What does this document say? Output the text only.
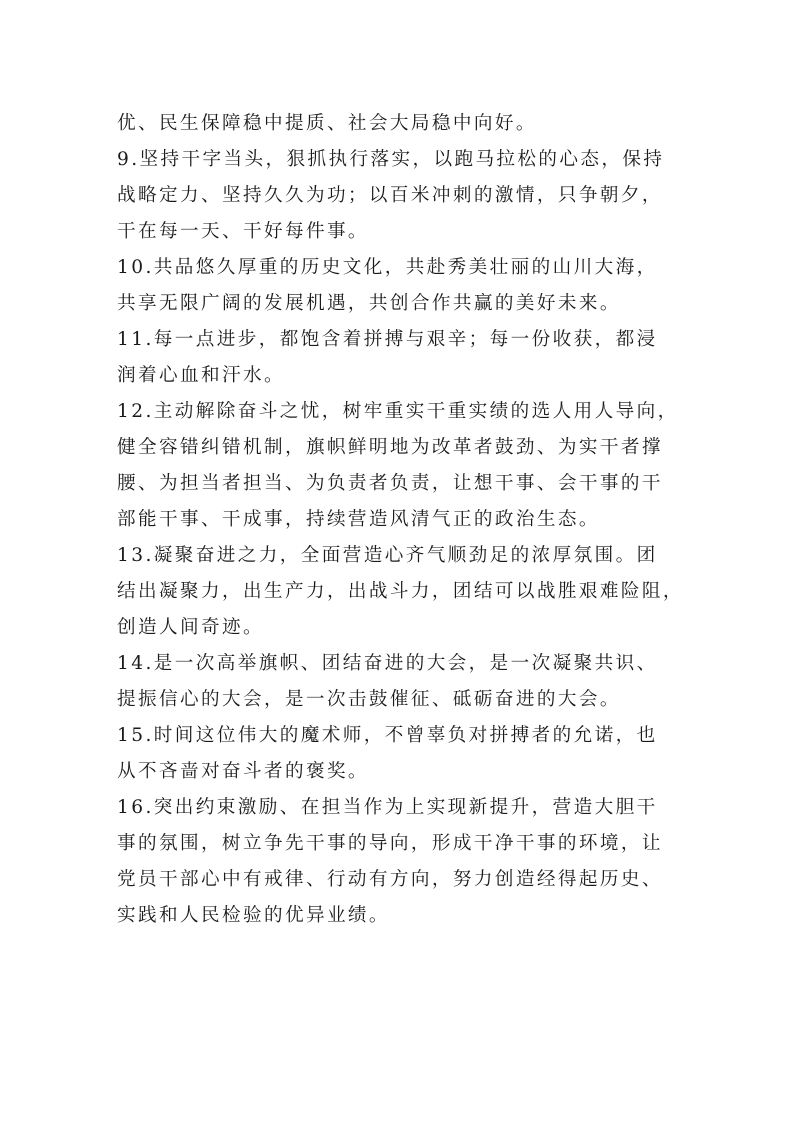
优、民生保障稳中提质、社会大局稳中向好。
9.坚持干字当头，狠抓执行落实，以跑马拉松的心态，保持
战略定力、坚持久久为功；以百米冲刺的激情，只争朝夕，
干在每一天、干好每件事。
10.共品悠久厚重的历史文化，共赴秀美壮丽的山川大海，
共享无限广阔的发展机遇，共创合作共赢的美好未来。
11.每一点进步，都饱含着拼搏与艰辛；每一份收获，都浸
润着心血和汗水。
12.主动解除奋斗之忧，树牢重实干重实绩的选人用人导向，
健全容错纠错机制，旗帜鲜明地为改革者鼓劲、为实干者撑
腰、为担当者担当、为负责者负责，让想干事、会干事的干
部能干事、干成事，持续营造风清气正的政治生态。
13.凝聚奋进之力，全面营造心齐气顺劲足的浓厚氛围。团
结出凝聚力，出生产力，出战斗力，团结可以战胜艰难险阻，
创造人间奇迹。
14.是一次高举旗帜、团结奋进的大会，是一次凝聚共识、
提振信心的大会，是一次击鼓催征、砥砺奋进的大会。
15.时间这位伟大的魔术师，不曾辜负对拼搏者的允诺，也
从不吝啬对奋斗者的褒奖。
16.突出约束激励、在担当作为上实现新提升，营造大胆干
事的氛围，树立争先干事的导向，形成干净干事的环境，让
党员干部心中有戒律、行动有方向，努力创造经得起历史、
实践和人民检验的优异业绩。
